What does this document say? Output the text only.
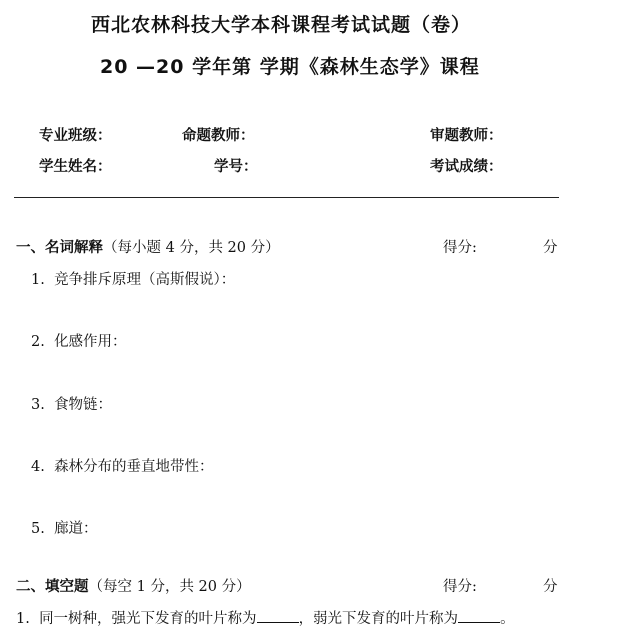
西北农林科技大学本科课程考试试题（卷）
20 —20 学年第 学期《森林生态学》课程
专业班级：	命题教师：	审题教师：
学生姓名：	学号：	考试成绩：
一、名词解释（每小题 4 分，共 20 分）	得分:	分
1. 竞争排斥原理（高斯假说）：
2. 化感作用：
3. 食物链：
4. 森林分布的垂直地带性：
5. 廊道：
二、填空题（每空 1 分，共 20 分）	得分:	分
1. 同一树种，强光下发育的叶片称为	，弱光下发育的叶片称为	。
